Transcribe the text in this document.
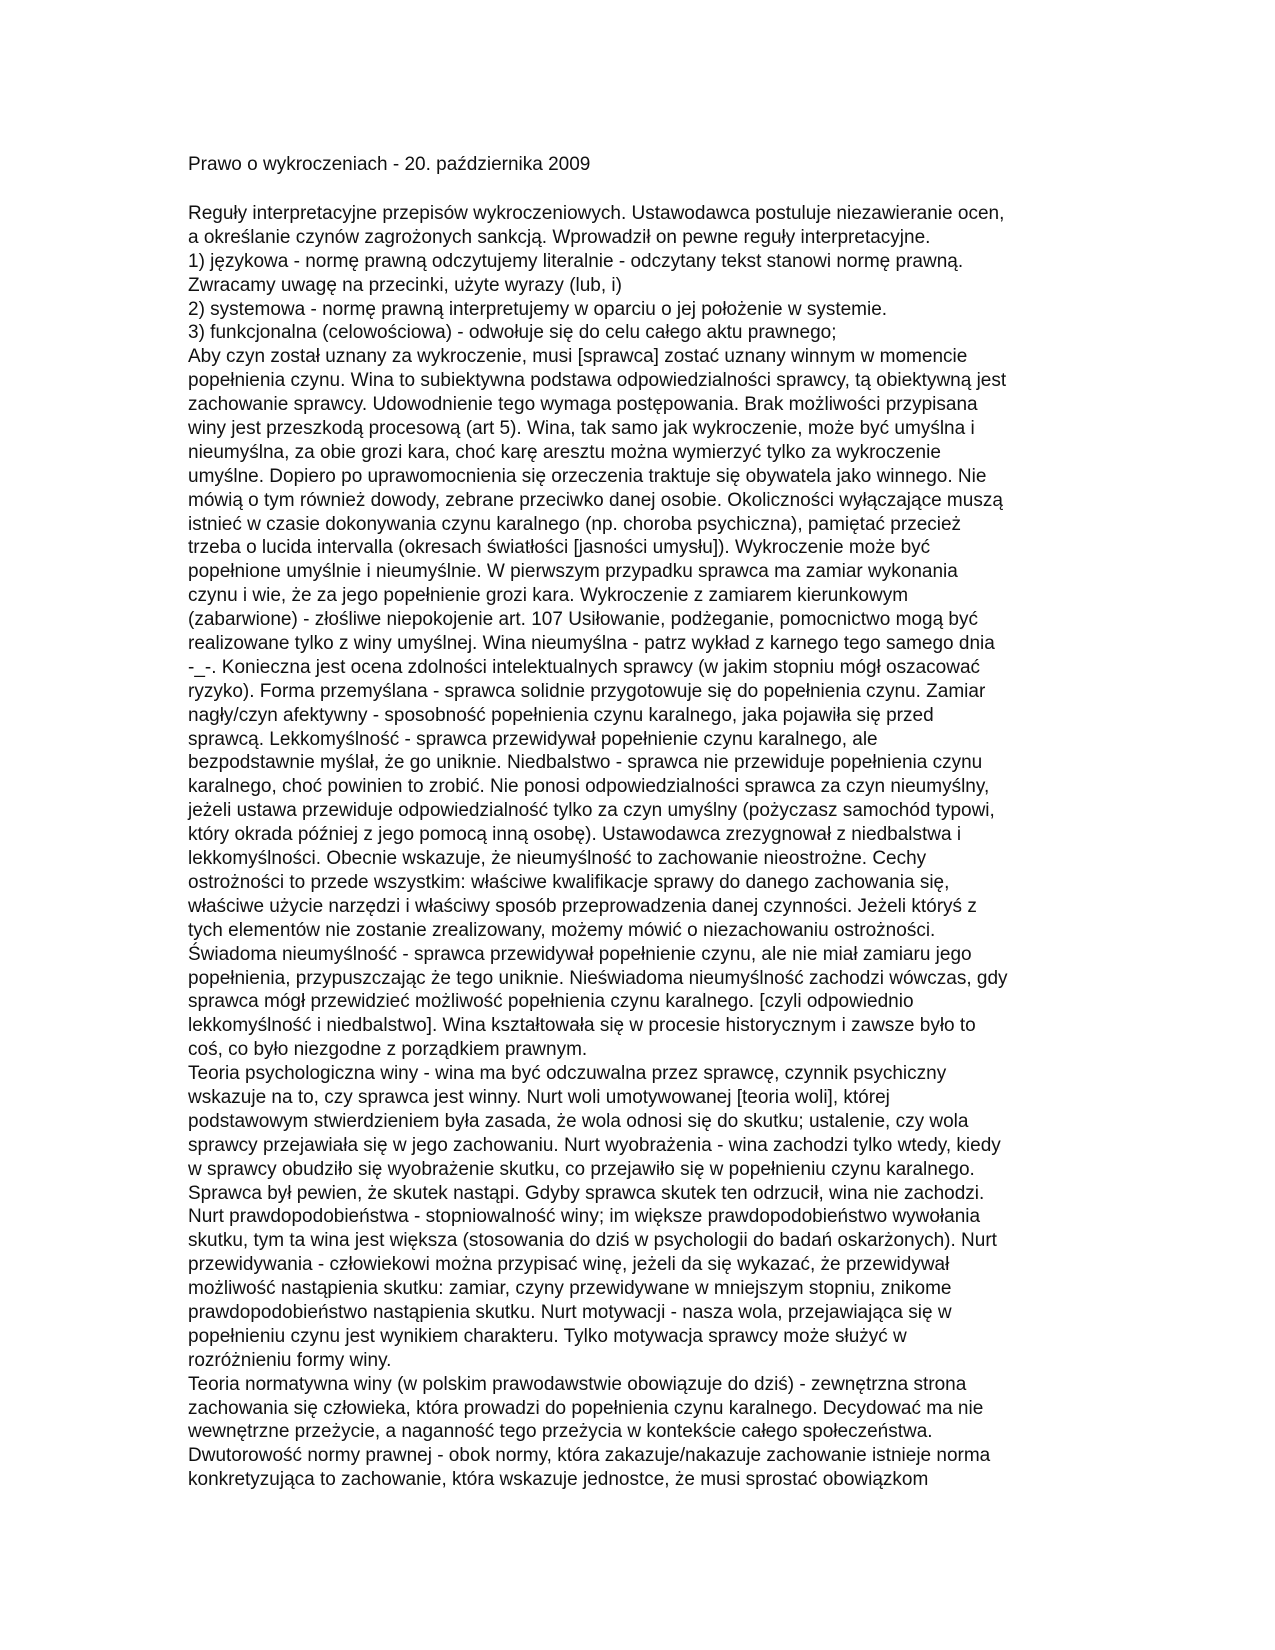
Prawo o wykroczeniach - 20. października 2009
Reguły interpretacyjne przepisów wykroczeniowych. Ustawodawca postuluje niezawieranie ocen,
a określanie czynów zagrożonych sankcją. Wprowadził on pewne reguły interpretacyjne.
1) językowa - normę prawną odczytujemy literalnie - odczytany tekst stanowi normę prawną.
Zwracamy uwagę na przecinki, użyte wyrazy (lub, i)
2) systemowa - normę prawną interpretujemy w oparciu o jej położenie w systemie.
3) funkcjonalna (celowościowa) - odwołuje się do celu całego aktu prawnego;
Aby czyn został uznany za wykroczenie, musi [sprawca] zostać uznany winnym w momencie
popełnienia czynu. Wina to subiektywna podstawa odpowiedzialności sprawcy, tą obiektywną jest
zachowanie sprawcy. Udowodnienie tego wymaga postępowania. Brak możliwości przypisana
winy jest przeszkodą procesową (art 5). Wina, tak samo jak wykroczenie, może być umyślna i
nieumyślna, za obie grozi kara, choć karę aresztu można wymierzyć tylko za wykroczenie
umyślne. Dopiero po uprawomocnienia się orzeczenia traktuje się obywatela jako winnego. Nie
mówią o tym również dowody, zebrane przeciwko danej osobie. Okoliczności wyłączające muszą
istnieć w czasie dokonywania czynu karalnego (np. choroba psychiczna), pamiętać przecież
trzeba o lucida intervalla (okresach światłości [jasności umysłu]). Wykroczenie może być
popełnione umyślnie i nieumyślnie. W pierwszym przypadku sprawca ma zamiar wykonania
czynu i wie, że za jego popełnienie grozi kara. Wykroczenie z zamiarem kierunkowym
(zabarwione) - złośliwe niepokojenie art. 107 Usiłowanie, podżeganie, pomocnictwo mogą być
realizowane tylko z winy umyślnej. Wina nieumyślna - patrz wykład z karnego tego samego dnia
-_-. Konieczna jest ocena zdolności intelektualnych sprawcy (w jakim stopniu mógł oszacować
ryzyko). Forma przemyślana - sprawca solidnie przygotowuje się do popełnienia czynu. Zamiar
nagły/czyn afektywny - sposobność popełnienia czynu karalnego, jaka pojawiła się przed
sprawcą. Lekkomyślność - sprawca przewidywał popełnienie czynu karalnego, ale
bezpodstawnie myślał, że go uniknie. Niedbalstwo - sprawca nie przewiduje popełnienia czynu
karalnego, choć powinien to zrobić. Nie ponosi odpowiedzialności sprawca za czyn nieumyślny,
jeżeli ustawa przewiduje odpowiedzialność tylko za czyn umyślny (pożyczasz samochód typowi,
który okrada później z jego pomocą inną osobę). Ustawodawca zrezygnował z niedbalstwa i
lekkomyślności. Obecnie wskazuje, że nieumyślność to zachowanie nieostrożne. Cechy
ostrożności to przede wszystkim: właściwe kwalifikacje sprawy do danego zachowania się,
właściwe użycie narzędzi i właściwy sposób przeprowadzenia danej czynności. Jeżeli któryś z
tych elementów nie zostanie zrealizowany, możemy mówić o niezachowaniu ostrożności.
Świadoma nieumyślność - sprawca przewidywał popełnienie czynu, ale nie miał zamiaru jego
popełnienia, przypuszczając że tego uniknie. Nieświadoma nieumyślność zachodzi wówczas, gdy
sprawca mógł przewidzieć możliwość popełnienia czynu karalnego. [czyli odpowiednio
lekkomyślność i niedbalstwo]. Wina kształtowała się w procesie historycznym i zawsze było to
coś, co było niezgodne z porządkiem prawnym.
Teoria psychologiczna winy - wina ma być odczuwalna przez sprawcę, czynnik psychiczny
wskazuje na to, czy sprawca jest winny. Nurt woli umotywowanej [teoria woli], której
podstawowym stwierdzieniem była zasada, że wola odnosi się do skutku; ustalenie, czy wola
sprawcy przejawiała się w jego zachowaniu. Nurt wyobrażenia - wina zachodzi tylko wtedy, kiedy
w sprawcy obudziło się wyobrażenie skutku, co przejawiło się w popełnieniu czynu karalnego.
Sprawca był pewien, że skutek nastąpi. Gdyby sprawca skutek ten odrzucił, wina nie zachodzi.
Nurt prawdopodobieństwa - stopniowalność winy; im większe prawdopodobieństwo wywołania
skutku, tym ta wina jest większa (stosowania do dziś w psychologii do badań oskarżonych). Nurt
przewidywania - człowiekowi można przypisać winę, jeżeli da się wykazać, że przewidywał
możliwość nastąpienia skutku: zamiar, czyny przewidywane w mniejszym stopniu, znikome
prawdopodobieństwo nastąpienia skutku. Nurt motywacji - nasza wola, przejawiająca się w
popełnieniu czynu jest wynikiem charakteru. Tylko motywacja sprawcy może służyć w
rozróżnieniu formy winy.
Teoria normatywna winy (w polskim prawodawstwie obowiązuje do dziś) - zewnętrzna strona
zachowania się człowieka, która prowadzi do popełnienia czynu karalnego. Decydować ma nie
wewnętrzne przeżycie, a naganność tego przeżycia w kontekście całego społeczeństwa.
Dwutorowość normy prawnej - obok normy, która zakazuje/nakazuje zachowanie istnieje norma
konkretyzująca to zachowanie, która wskazuje jednostce, że musi sprostać obowiązkom
